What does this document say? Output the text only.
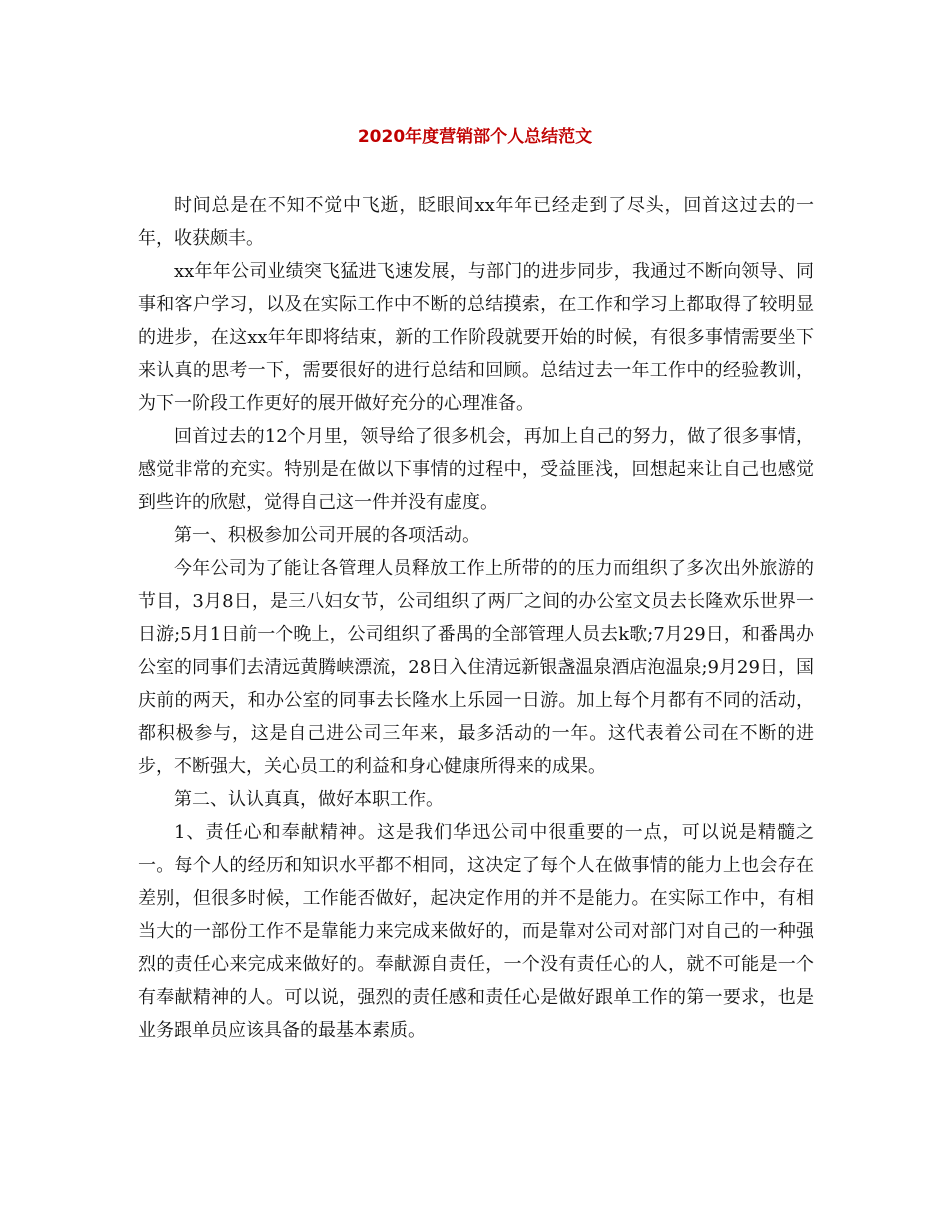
2020年度营销部个人总结范文

时间总是在不知不觉中飞逝，眨眼间xx年年已经走到了尽头，回首这过去的一年，收获颇丰。

xx年年公司业绩突飞猛进飞速发展，与部门的进步同步，我通过不断向领导、同事和客户学习，以及在实际工作中不断的总结摸索，在工作和学习上都取得了较明显的进步，在这xx年年即将结束，新的工作阶段就要开始的时候，有很多事情需要坐下来认真的思考一下，需要很好的进行总结和回顾。总结过去一年工作中的经验教训，为下一阶段工作更好的展开做好充分的心理准备。

回首过去的12个月里，领导给了很多机会，再加上自己的努力，做了很多事情，感觉非常的充实。特别是在做以下事情的过程中，受益匪浅，回想起来让自己也感觉到些许的欣慰，觉得自己这一件并没有虚度。

第一、积极参加公司开展的各项活动。

今年公司为了能让各管理人员释放工作上所带的的压力而组织了多次出外旅游的节目，3月8日，是三八妇女节，公司组织了两厂之间的办公室文员去长隆欢乐世界一日游;5月1日前一个晚上，公司组织了番禺的全部管理人员去k歌;7月29日，和番禺办公室的同事们去清远黄腾峡漂流，28日入住清远新银盏温泉酒店泡温泉;9月29日，国庆前的两天，和办公室的同事去长隆水上乐园一日游。加上每个月都有不同的活动，都积极参与，这是自己进公司三年来，最多活动的一年。这代表着公司在不断的进步，不断强大，关心员工的利益和身心健康所得来的成果。

第二、认认真真，做好本职工作。

1、责任心和奉献精神。这是我们华迅公司中很重要的一点，可以说是精髓之一。每个人的经历和知识水平都不相同，这决定了每个人在做事情的能力上也会存在差别，但很多时候，工作能否做好，起决定作用的并不是能力。在实际工作中，有相当大的一部份工作不是靠能力来完成来做好的，而是靠对公司对部门对自己的一种强烈的责任心来完成来做好的。奉献源自责任，一个没有责任心的人，就不可能是一个有奉献精神的人。可以说，强烈的责任感和责任心是做好跟单工作的第一要求，也是业务跟单员应该具备的最基本素质。
